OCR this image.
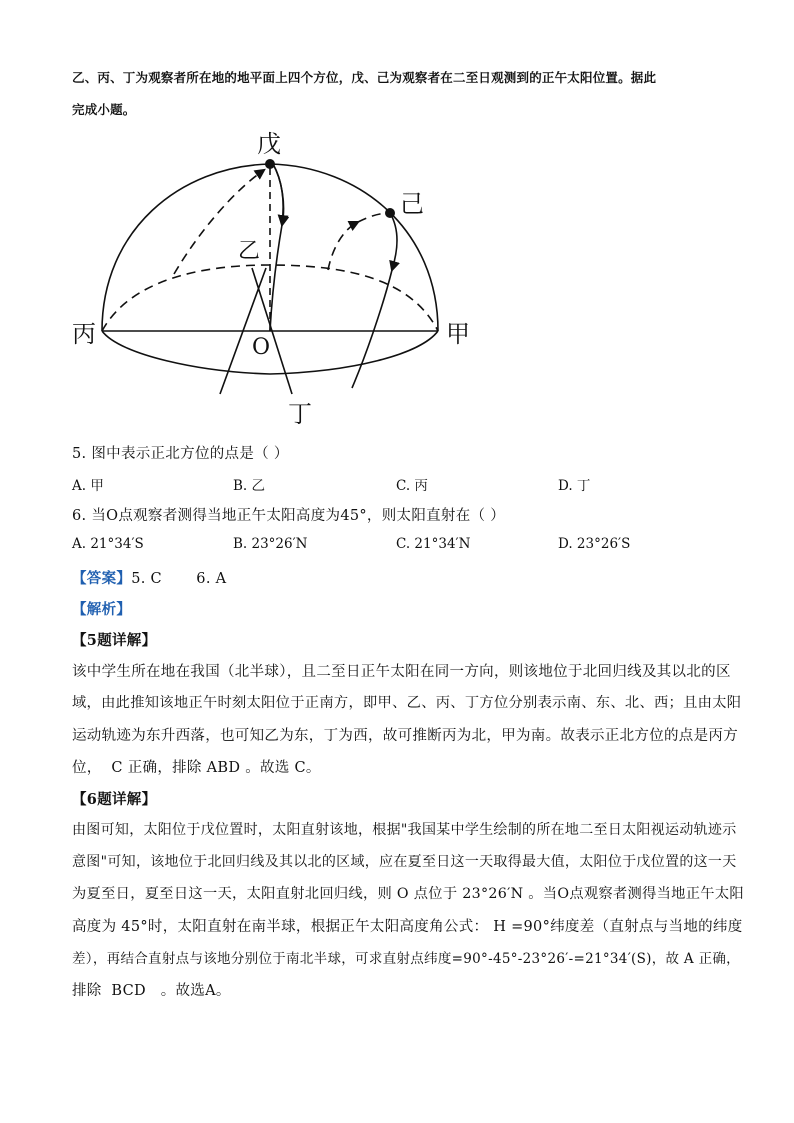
乙、丙、丁为观察者所在地的地平面上四个方位，戊、己为观察者在二至日观测到的正午太阳位置。据此
完成小题。
戊
己
乙
丙	甲
O
丁
5. 图中表示正北方位的点是（ ）
A. 甲	B. 乙	C. 丙	D. 丁
6. 当O点观察者测得当地正午太阳高度为45°，则太阳直射在（ ）
A. 21°34′S	B. 23°26′N	C. 21°34′N	D. 23°26′S
【答案】5. C       6. A
【解析】
【5题详解】
该中学生所在地在我国（北半球），且二至日正午太阳在同一方向，则该地位于北回归线及其以北的区
域，由此推知该地正午时刻太阳位于正南方，即甲、乙、丙、丁方位分别表示南、东、北、西；且由太阳
运动轨迹为东升西落，也可知乙为东，丁为西，故可推断丙为北，甲为南。故表示正北方位的点是丙方
位，  C 正确，排除 ABD 。故选 C。
【6题详解】
由图可知，太阳位于戊位置时，太阳直射该地，根据"我国某中学生绘制的所在地二至日太阳视运动轨迹示
意图"可知，该地位于北回归线及其以北的区域，应在夏至日这一天取得最大值，太阳位于戊位置的这一天
为夏至日，夏至日这一天，太阳直射北回归线，则 O 点位于 23°26′N 。当O点观察者测得当地正午太阳
高度为 45°时，太阳直射在南半球，根据正午太阳高度角公式： H =90°纬度差（直射点与当地的纬度
差），再结合直射点与该地分别位于南北半球，可求直射点纬度=90°-45°-23°26′-=21°34′(S)，故 A 正确，
排除  BCD   。故选A。
